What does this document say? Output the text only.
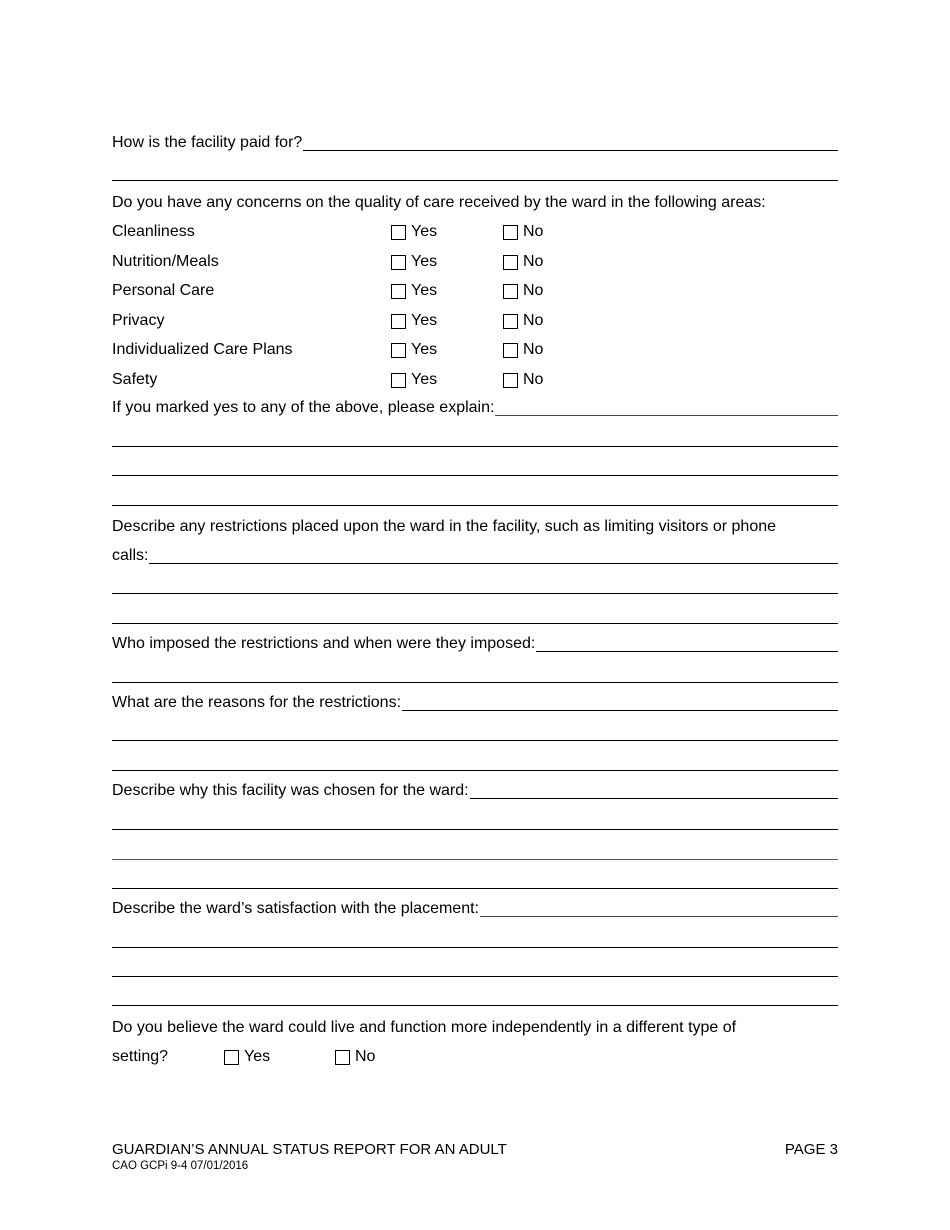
How is the facility paid for?
Do you have any concerns on the quality of care received by the ward in the following areas:
Cleanliness	Yes	No
Nutrition/Meals	Yes	No
Personal Care	Yes	No
Privacy	Yes	No
Individualized Care Plans	Yes	No
Safety	Yes	No
If you marked yes to any of the above, please explain:
Describe any restrictions placed upon the ward in the facility, such as limiting visitors or phone
calls:
Who imposed the restrictions and when were they imposed:
What are the reasons for the restrictions:
Describe why this facility was chosen for the ward:
Describe the ward’s satisfaction with the placement:
Do you believe the ward could live and function more independently in a different type of
setting?	Yes	No
GUARDIAN’S ANNUAL STATUS REPORT FOR AN ADULT
CAO GCPi 9-4 07/01/2016
PAGE 3
